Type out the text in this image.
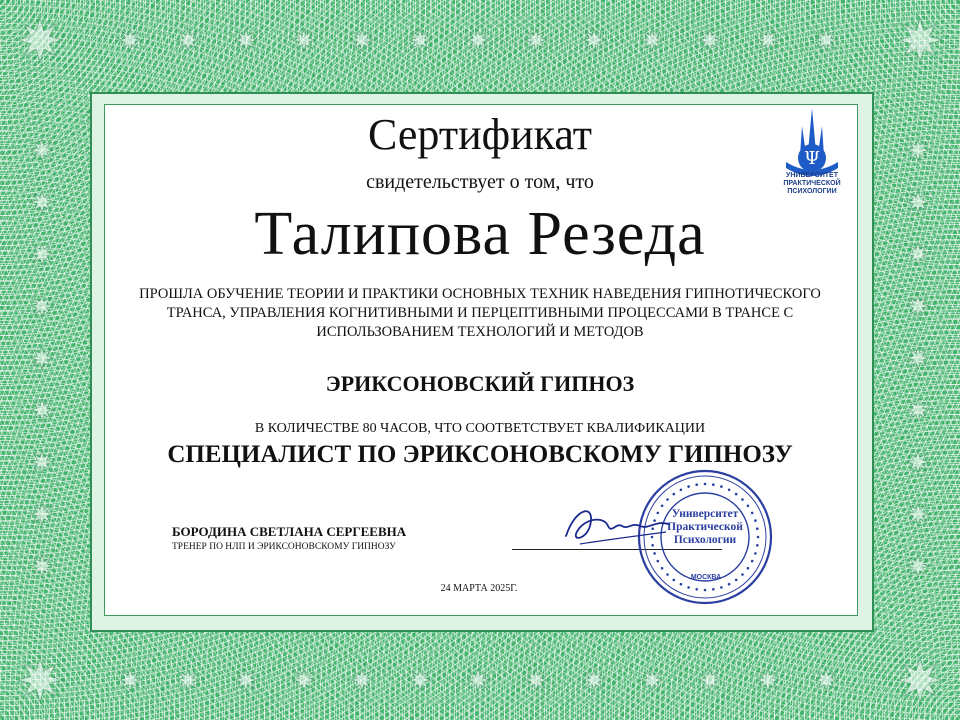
Ψ

УНИВЕРСИТЕТ

ПРАКТИЧЕСКОЙ

ПСИХОЛОГИИ

Сертификат

свидетельствует о том, что

Талипова Резеда

ПРОШЛА ОБУЧЕНИЕ ТЕОРИИ И ПРАКТИКИ ОСНОВНЫХ ТЕХНИК НАВЕДЕНИЯ ГИПНОТИЧЕСКОГО ТРАНСА, УПРАВЛЕНИЯ КОГНИТИВНЫМИ И ПЕРЦЕПТИВНЫМИ ПРОЦЕССАМИ В ТРАНСЕ С ИСПОЛЬЗОВАНИЕМ ТЕХНОЛОГИЙ И МЕТОДОВ

ЭРИКСОНОВСКИЙ ГИПНОЗ

В КОЛИЧЕСТВЕ 80 ЧАСОВ, ЧТО СООТВЕТСТВУЕТ КВАЛИФИКАЦИИ

СПЕЦИАЛИСТ ПО ЭРИКСОНОВСКОМУ ГИПНОЗУ

БОРОДИНА СВЕТЛАНА СЕРГЕЕВНА

ТРЕНЕР ПО НЛП И ЭРИКСОНОВСКОМУ ГИПНОЗУ

Университет

Практической

Психологии

МОСКВА

24 МАРТА 2025Г.
